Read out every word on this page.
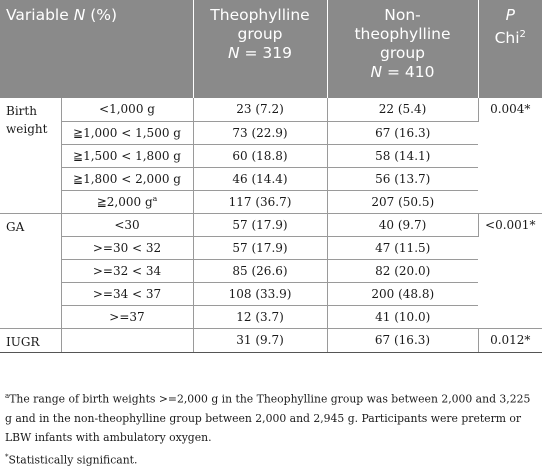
Variable N (%)		Theophylline
group
N = 319	Non-
theophylline
group
N = 410	P
Chi$^2$
Birth weight	<1,000 g	23 (7.2)	22 (5.4)	0.004*
	≧1,000 < 1,500 g	73 (22.9)	67 (16.3)	
	≧1,500 < 1,800 g	60 (18.8)	58 (14.1)	
	≧1,800 < 2,000 g	46 (14.4)	56 (13.7)	
	≧2,000 $g^a$	117 (36.7)	207 (50.5)	
GA	<30	57 (17.9)	40 (9.7)	<0.001*
	>=30 < 32	57 (17.9)	47 (11.5)	
	>=32 < 34	85 (26.6)	82 (20.0)	
	>=34 < 37	108 (33.9)	200 (48.8)	
	>=37	12 (3.7)	41 (10.0)	
IUGR		31 (9.7)	67 (16.3)	0.012*

$^a$The range of birth weights >=2,000 g in the Theophylline group was between 2,000 and 3,225 g and in the non-theophylline group between 2,000 and 2,945 g. Participants were preterm or LBW infants with ambulatory oxygen.

*Statistically significant.
